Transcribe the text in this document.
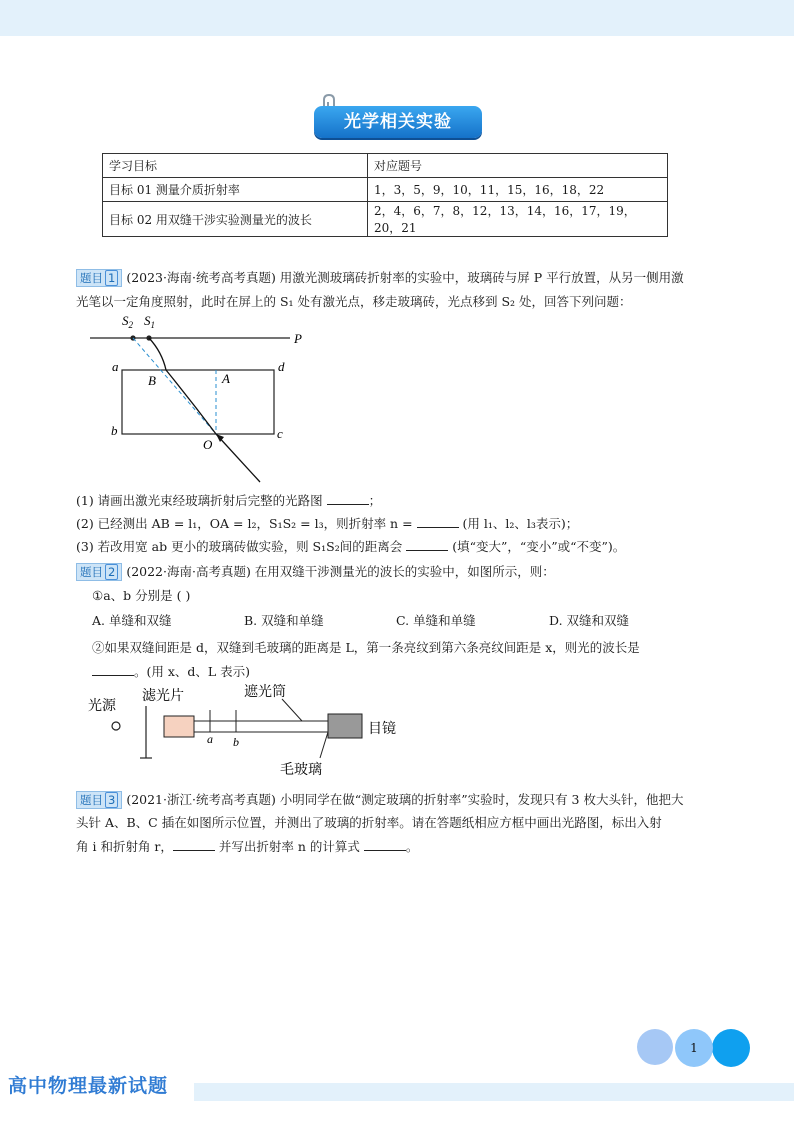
光学相关实验
学习目标	对应题号
目标 01 测量介质折射率	1，3，5，9，10，11，15，16，18，22
目标 02 用双缝干涉实验测量光的波长	2，4，6，7，8，12，13，14，16，17，19，20，21
题目 1 (2023·海南·统考高考真题) 用激光测玻璃砖折射率的实验中，玻璃砖与屏 P 平行放置，从另一侧用激
光笔以一定角度照射，此时在屏上的 S₁ 处有激光点，移走玻璃砖，光点移到 S₂ 处，回答下列问题：
$S_2$ $S_1$
P
a	d
b	c
B	A
O
(1) 请画出激光束经玻璃折射后完整的光路图	；
(2) 已经测出 AB = l₁，OA = l₂，S₁S₂ = l₃，则折射率 n =	(用 l₁、l₂、l₃表示)；
(3) 若改用宽 ab 更小的玻璃砖做实验，则 S₁S₂间的距离会	(填“变大”，“变小”或“不变”)。
题目 2 (2022·海南·高考真题) 在用双缝干涉测量光的波长的实验中，如图所示，则：
①a、b 分别是 ( )
A. 单缝和双缝	B. 双缝和单缝	C. 单缝和单缝	D. 双缝和双缝
②如果双缝间距是 d，双缝到毛玻璃的距离是 L，第一条亮纹到第六条亮纹间距是 x，则光的波长是
。(用 x、d、L 表示)
光源
滤光片
a b
遮光筒
目镜
毛玻璃
题目 3 (2021·浙江·统考高考真题) 小明同学在做“测定玻璃的折射率”实验时，发现只有 3 枚大头针，他把大
头针 A、B、C 插在如图所示位置，并测出了玻璃的折射率。请在答题纸相应方框中画出光路图，标出入射
角 i 和折射角 r，	并写出折射率 n 的计算式	。
1
高中物理最新试题
